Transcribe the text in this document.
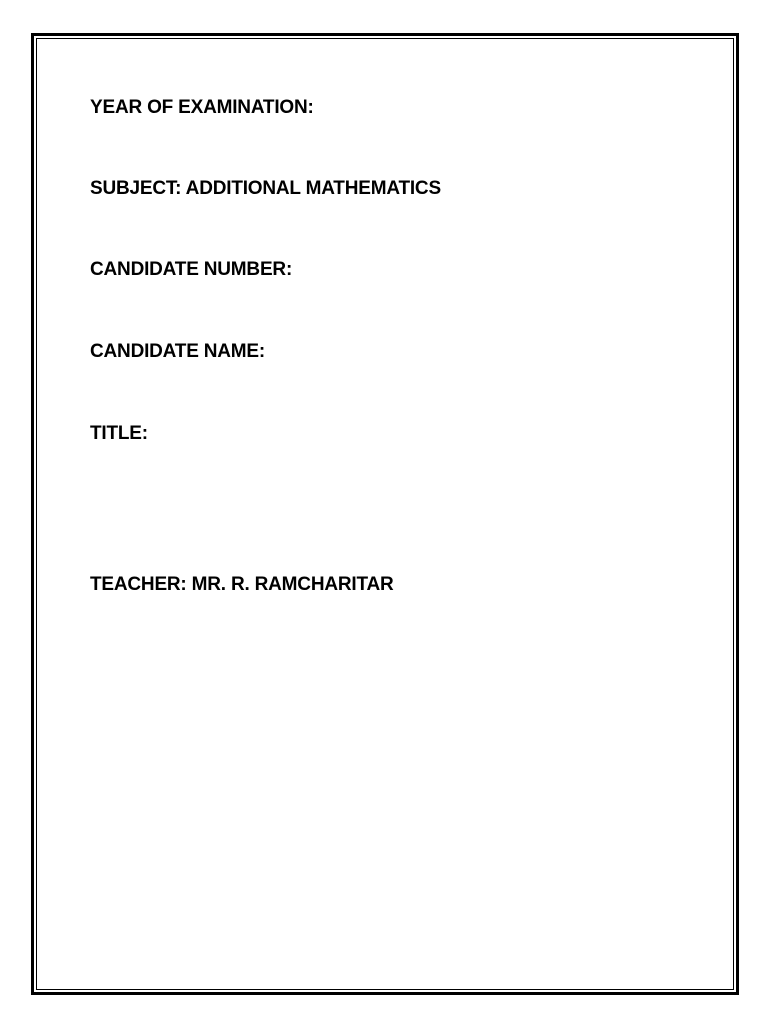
YEAR OF EXAMINATION:
SUBJECT: ADDITIONAL MATHEMATICS
CANDIDATE NUMBER:
CANDIDATE NAME:
TITLE:
TEACHER: MR. R. RAMCHARITAR
